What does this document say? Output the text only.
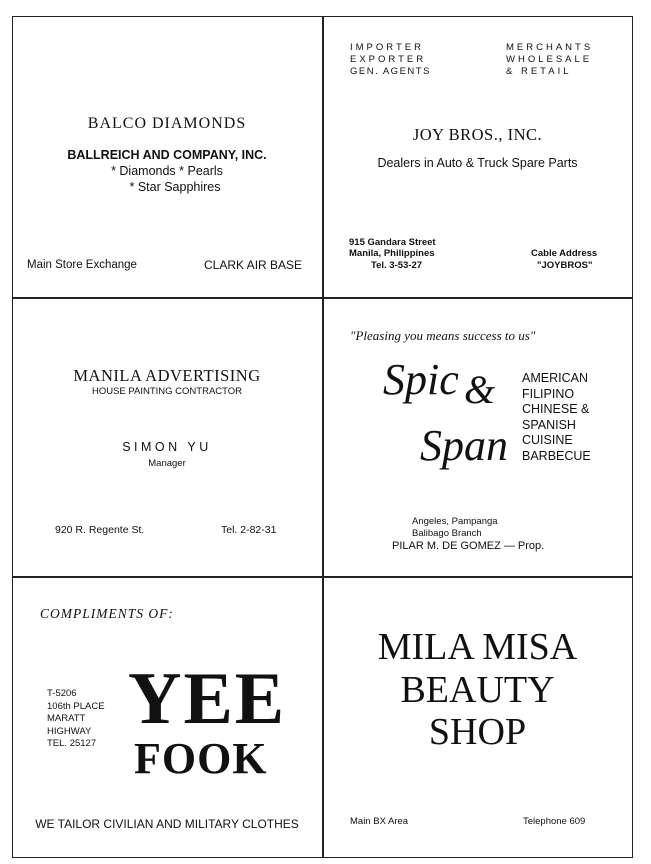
BALCO DIAMONDS
BALLREICH AND COMPANY, INC.
* Diamonds * Pearls
* Star Sapphires
Main Store Exchange	CLARK AIR BASE
IMPORTER
EXPORTER
GEN. AGENTS
MERCHANTS
WHOLESALE
& RETAIL
JOY BROS., INC.
Dealers in Auto & Truck Spare Parts
915 Gandara Street
Manila, Philippines
Tel. 3-53-27
Cable Address
"JOYBROS"
MANILA ADVERTISING
HOUSE PAINTING CONTRACTOR
SIMON YU
Manager
920 R. Regente St.	Tel. 2-82-31
"Pleasing you means success to us"
Spic &
Span
AMERICAN
FILIPINO
CHINESE &
SPANISH
CUISINE
BARBECUE
Angeles, Pampanga
Balibago Branch
PILAR M. DE GOMEZ — Prop.
COMPLIMENTS OF:
T-5206
106th PLACE
MARATT
HIGHWAY
TEL. 25127
YEE
FOOK
WE TAILOR CIVILIAN AND MILITARY CLOTHES
MILA MISA
BEAUTY
SHOP
Main BX Area	Telephone 609
